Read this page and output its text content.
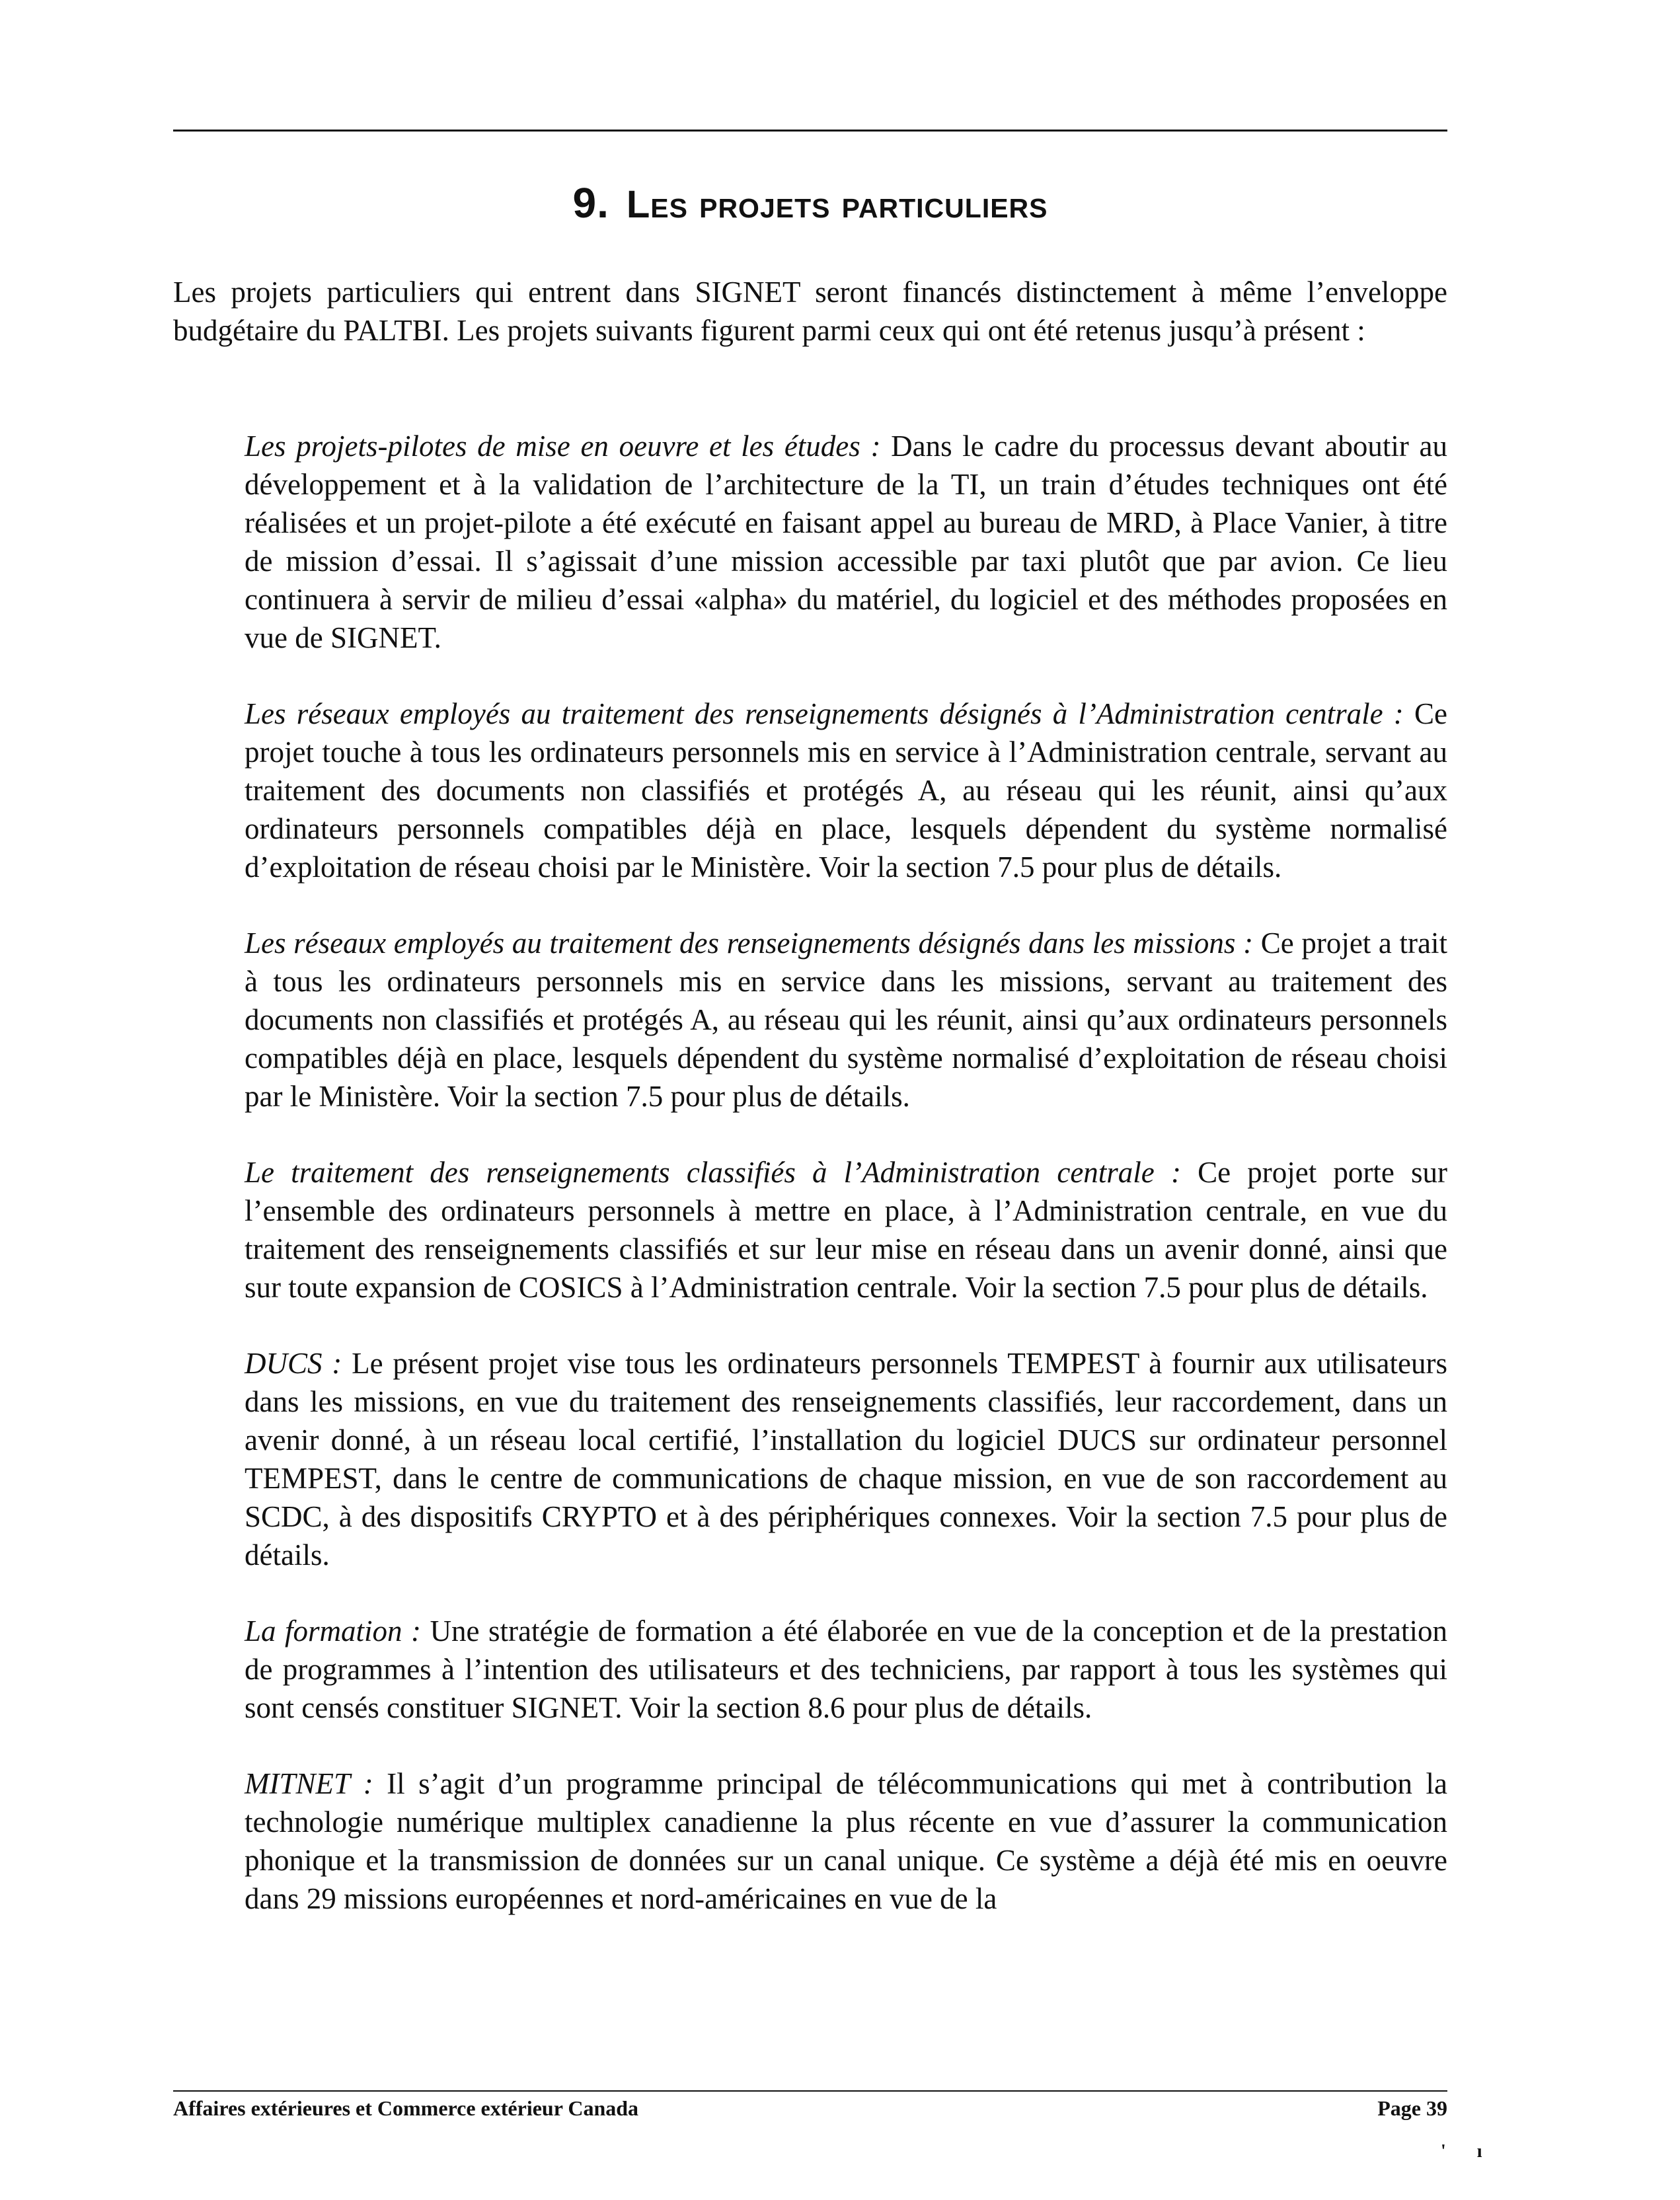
9. Les projets particuliers

Les projets particuliers qui entrent dans SIGNET seront financés distinctement à même l’enveloppe budgétaire du PALTBI. Les projets suivants figurent parmi ceux qui ont été retenus jusqu’à présent :

Les projets-pilotes de mise en oeuvre et les études : Dans le cadre du processus devant aboutir au développement et à la validation de l’architecture de la TI, un train d’études techniques ont été réalisées et un projet-pilote a été exécuté en faisant appel au bureau de MRD, à Place Vanier, à titre de mission d’essai. Il s’agissait d’une mission accessible par taxi plutôt que par avion. Ce lieu continuera à servir de milieu d’essai «alpha» du matériel, du logiciel et des méthodes proposées en vue de SIGNET.

Les réseaux employés au traitement des renseignements désignés à l’Administration centrale : Ce projet touche à tous les ordinateurs personnels mis en service à l’Administration centrale, servant au traitement des documents non classifiés et protégés A, au réseau qui les réunit, ainsi qu’aux ordinateurs personnels compatibles déjà en place, lesquels dépendent du système normalisé d’exploitation de réseau choisi par le Ministère. Voir la section 7.5 pour plus de détails.

Les réseaux employés au traitement des renseignements désignés dans les missions : Ce projet a trait à tous les ordinateurs personnels mis en service dans les missions, servant au traitement des documents non classifiés et protégés A, au réseau qui les réunit, ainsi qu’aux ordinateurs personnels compatibles déjà en place, lesquels dépendent du système normalisé d’exploitation de réseau choisi par le Ministère. Voir la section 7.5 pour plus de détails.

Le traitement des renseignements classifiés à l’Administration centrale : Ce projet porte sur l’ensemble des ordinateurs personnels à mettre en place, à l’Administration centrale, en vue du traitement des renseignements classifiés et sur leur mise en réseau dans un avenir donné, ainsi que sur toute expansion de COSICS à l’Administration centrale. Voir la section 7.5 pour plus de détails.

DUCS : Le présent projet vise tous les ordinateurs personnels TEMPEST à fournir aux utilisateurs dans les missions, en vue du traitement des renseignements classifiés, leur raccordement, dans un avenir donné, à un réseau local certifié, l’installation du logiciel DUCS sur ordinateur personnel TEMPEST, dans le centre de communications de chaque mission, en vue de son raccordement au SCDC, à des dispositifs CRYPTO et à des périphériques connexes. Voir la section 7.5 pour plus de détails.

La formation : Une stratégie de formation a été élaborée en vue de la conception et de la prestation de programmes à l’intention des utilisateurs et des techniciens, par rapport à tous les systèmes qui sont censés constituer SIGNET. Voir la section 8.6 pour plus de détails.

MITNET : Il s’agit d’un programme principal de télécommunications qui met à contribution la technologie numérique multiplex canadienne la plus récente en vue d’assurer la communication phonique et la transmission de données sur un canal unique. Ce système a déjà été mis en oeuvre dans 29 missions européennes et nord-américaines en vue de la

Affaires extérieures et Commerce extérieur Canada	Page 39
' ı
